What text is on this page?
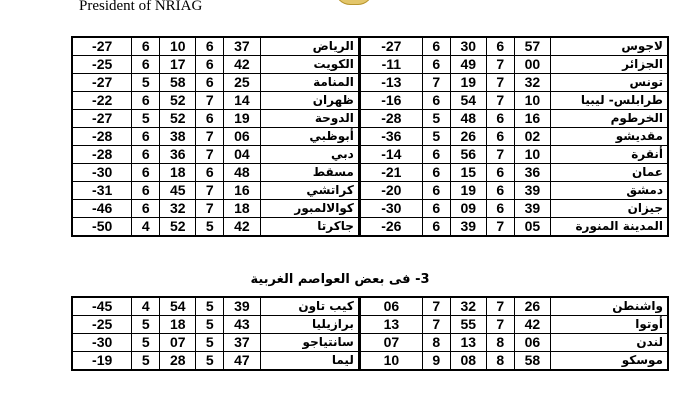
President of NRIAG
لاجوس	57	6	30	6	27-	الرياض	37	6	10	6	27-
الجزائر	00	7	49	6	11-	الكويت	42	6	17	6	25-
تونس	32	7	19	7	13-	المنامة	25	6	58	5	27-
طرابلس- ليبيا	10	7	54	6	16-	ظهران	14	7	52	6	22-
الخرطوم	16	6	48	5	28-	الدوحة	19	6	52	5	27-
مقديشو	02	6	26	5	36-	أبوظبي	06	7	38	6	28-
أنقرة	10	7	56	6	14-	دبي	04	7	36	6	28-
عمان	36	6	15	6	21-	مسقط	48	6	18	6	30-
دمشق	39	6	19	6	20-	كراتشي	16	7	45	6	31-
جيزان	39	6	09	6	30-	كوالالمبور	18	7	32	6	46-
المدينة المنورة	05	7	39	6	26-	جاكرتا	42	5	52	4	50-
3- فى بعض العواصم الغربية
واشنطن	26	7	32	7	06	كيب تاون	39	5	54	4	45-
أوتوا	42	7	55	7	13	برازيليا	43	5	18	5	25-
لندن	06	8	13	8	07	سانتياجو	37	5	07	5	30-
موسكو	58	8	08	9	10	ليما	47	5	28	5	19-
